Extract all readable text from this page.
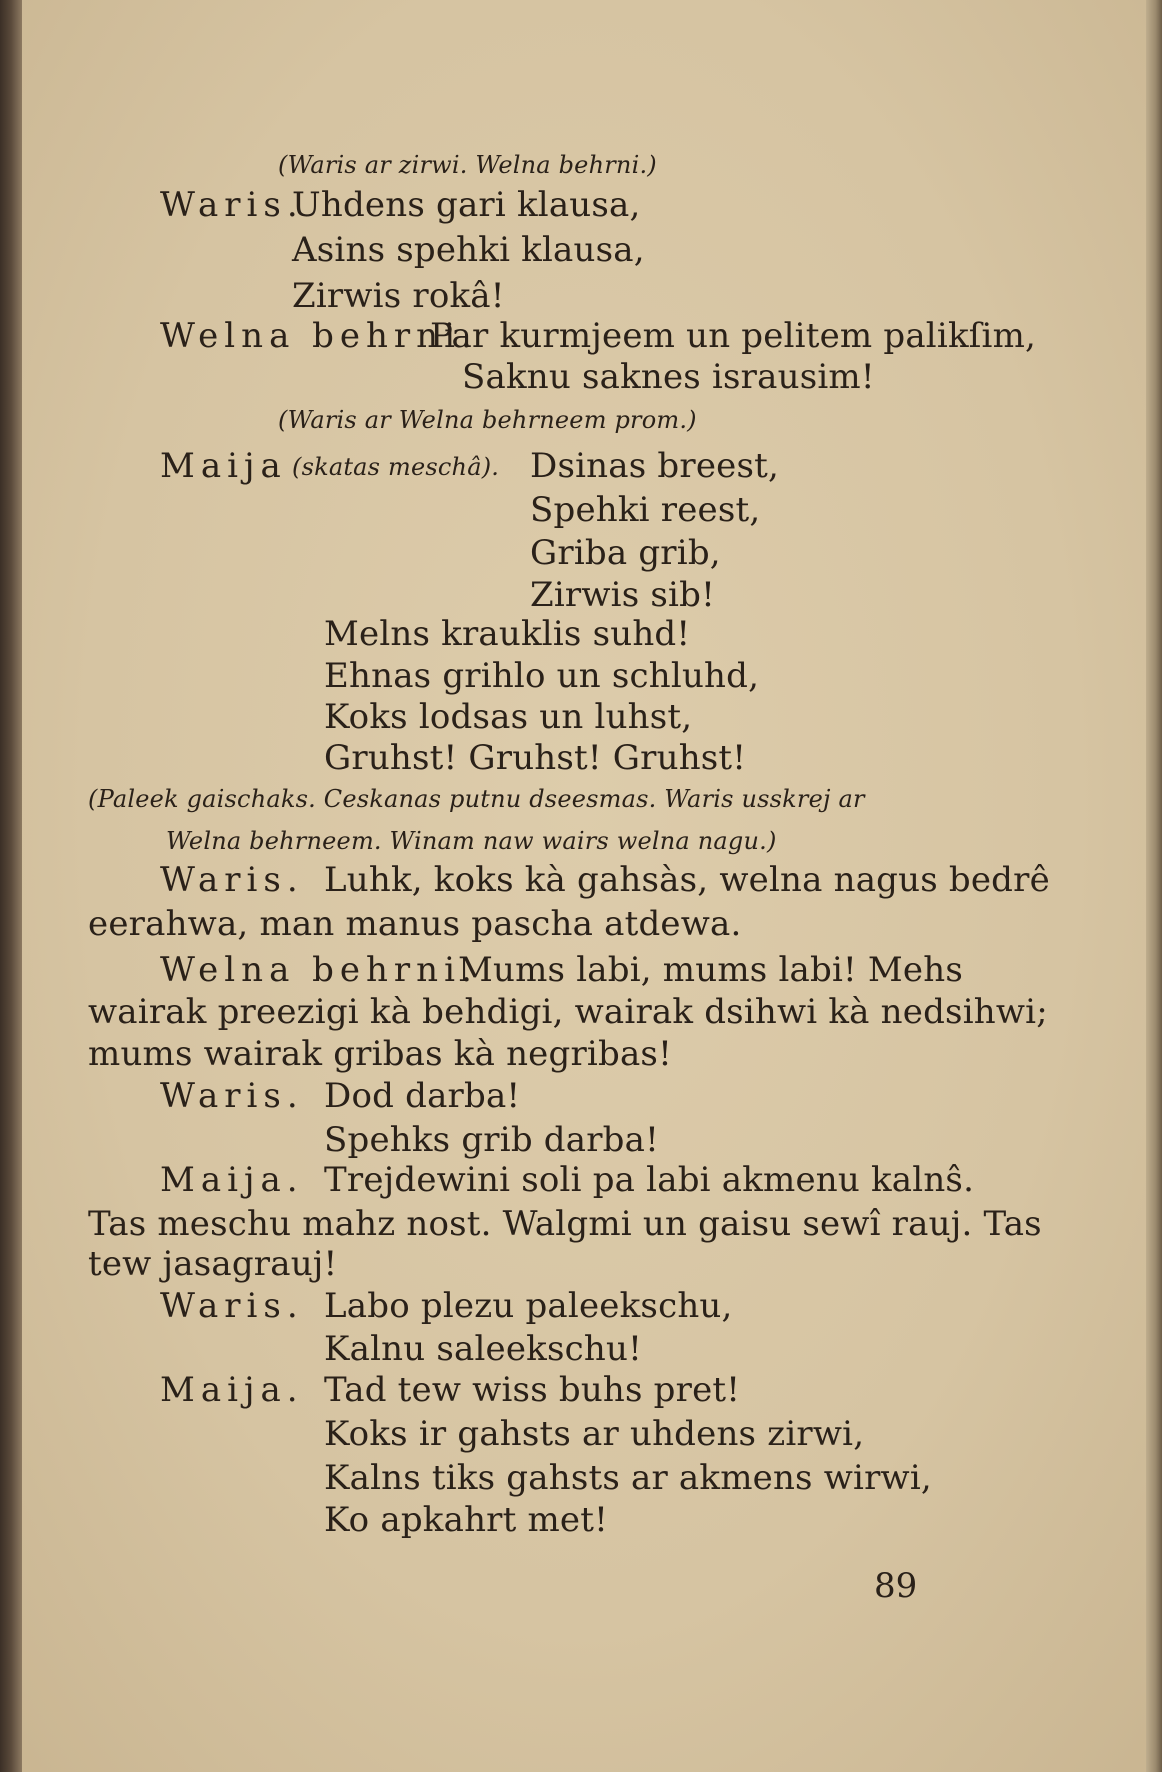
(Waris ar zirwi. Welna behrni.)
Waris.
Uhdens gari klausa,
Asins spehki klausa,
Zirwis rokâ!
Welna behrni.
Par kurmjeem un pelitem palikſim,
Saknu saknes israusim!
(Waris ar Welna behrneem prom.)
Maija (skatas meschâ). Dsinas breest,
Spehki reest,
Griba grib,
Zirwis sib!
Melns krauklis suhd!
Ehnas grihlo un schluhd,
Koks lodsas un luhst,
Gruhst! Gruhst! Gruhst!
(Paleek gaischaks. Ceskanas putnu dseesmas. Waris usskrej ar
Welna behrneem. Winam naw wairs welna nagu.)
Waris. Luhk, koks kà gahsàs, welna nagus bedrê
eerahwa, man manus pascha atdewa.
Welna behrni.
Mums labi, mums labi! Mehs
wairak preezigi kà behdigi, wairak dsihwi kà nedsihwi;
mums wairak gribas kà negribas!
Waris. Dod darba!
Spehks grib darba!
Maija. Trejdewini soli pa labi akmenu kalnŝ.
Tas meschu mahz nost. Walgmi un gaisu sewî rauj. Tas
tew jasagrauj!
Waris. Labo plezu paleekschu,
Kalnu saleekschu!
Maija. Tad tew wiss buhs pret!
Koks ir gahsts ar uhdens zirwi,
Kalns tiks gahsts ar akmens wirwi,
Ko apkahrt met!
89
